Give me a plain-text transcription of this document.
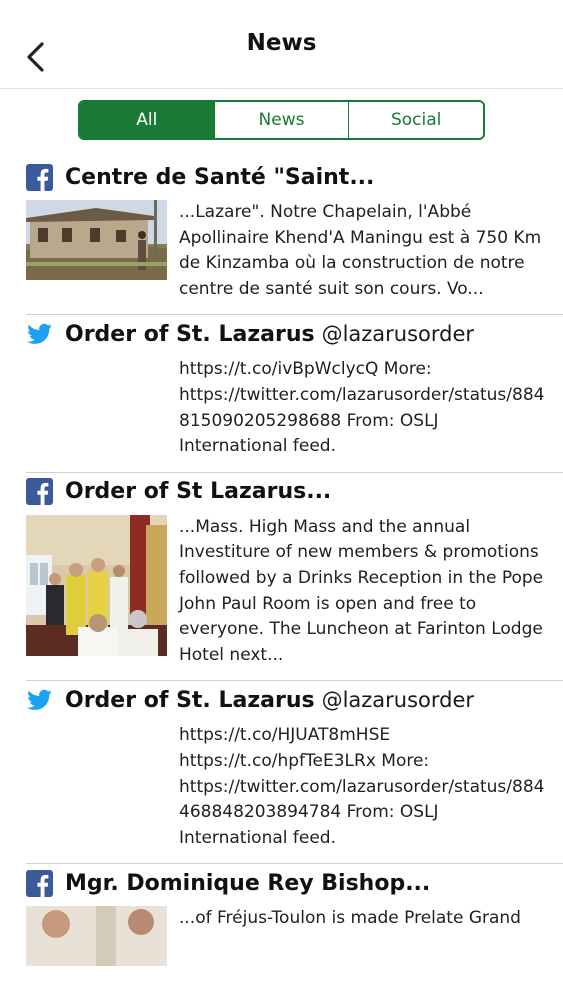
News
All	News	Social
Centre de Santé "Saint...
...Lazare". Notre Chapelain, l'Abbé Apollinaire Khend'A Maningu est à 750 Km de Kinzamba où la construction de notre centre de santé suit son cours. Vo...
Order of St. Lazarus @lazarusorder
https://t.co/ivBpWclycQ More: https://twitter.com/lazarusorder/status/884815090205298688 From: OSLJ International feed.
Order of St Lazarus...
...Mass. High Mass and the annual Investiture of new members & promotions followed by a Drinks Reception in the Pope John Paul Room is open and free to everyone. The Luncheon at Farinton Lodge Hotel next...
Order of St. Lazarus @lazarusorder
https://t.co/HJUAT8mHSE https://t.co/hpfTeE3LRx More: https://twitter.com/lazarusorder/status/884468848203894784 From: OSLJ International feed.
Mgr. Dominique Rey Bishop...
...of Fréjus-Toulon is made Prelate Grand
